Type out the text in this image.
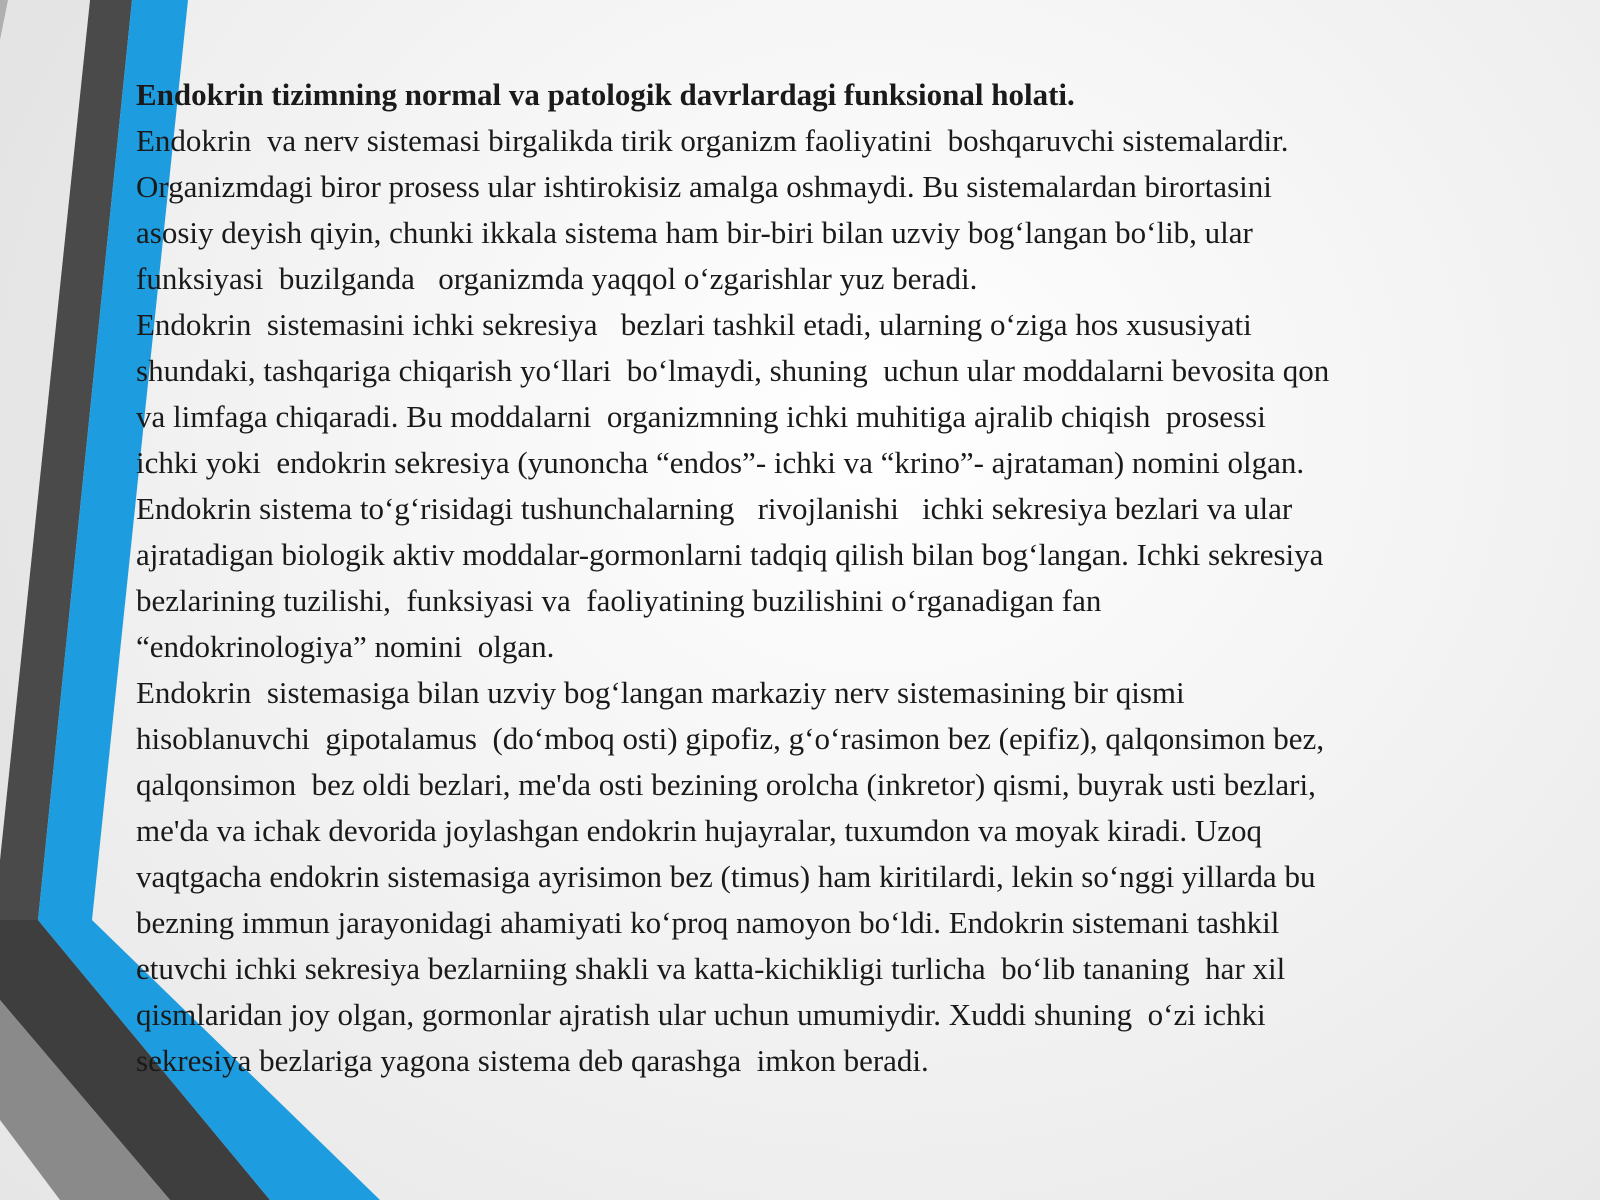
Endokrin tizimning normal va patologik davrlardagi funksional holati.

Endokrin  va nerv sistemasi birgalikda tirik organizm faoliyatini  boshqaruvchi sistemalardir.

Organizmdagi biror prosess ular ishtirokisiz amalga oshmaydi. Bu sistemalardan birortasini

asosiy deyish qiyin, chunki ikkala sistema ham bir-biri bilan uzviy bog‘langan bo‘lib, ular

funksiyasi  buzilganda   organizmda yaqqol o‘zgarishlar yuz beradi.

Endokrin  sistemasini ichki sekresiya   bezlari tashkil etadi, ularning o‘ziga hos xususiyati

shundaki, tashqariga chiqarish yo‘llari  bo‘lmaydi, shuning  uchun ular moddalarni bevosita qon

va limfaga chiqaradi. Bu moddalarni  organizmning ichki muhitiga ajralib chiqish  prosessi

ichki yoki  endokrin sekresiya (yunoncha “endos”- ichki va “krino”- ajrataman) nomini olgan.

Endokrin sistema to‘g‘risidagi tushunchalarning   rivojlanishi   ichki sekresiya bezlari va ular

ajratadigan biologik aktiv moddalar-gormonlarni tadqiq qilish bilan bog‘langan. Ichki sekresiya

bezlarining tuzilishi,  funksiyasi va  faoliyatining buzilishini o‘rganadigan fan

“endokrinologiya” nomini  olgan.

Endokrin  sistemasiga bilan uzviy bog‘langan markaziy nerv sistemasining bir qismi

hisoblanuvchi  gipotalamus  (do‘mboq osti) gipofiz, g‘o‘rasimon bez (epifiz), qalqonsimon bez,

qalqonsimon  bez oldi bezlari, me'da osti bezining orolcha (inkretor) qismi, buyrak usti bezlari,

me'da va ichak devorida joylashgan endokrin hujayralar, tuxumdon va moyak kiradi. Uzoq

vaqtgacha endokrin sistemasiga ayrisimon bez (timus) ham kiritilardi, lekin so‘nggi yillarda bu

bezning immun jarayonidagi ahamiyati ko‘proq namoyon bo‘ldi. Endokrin sistemani tashkil

etuvchi ichki sekresiya bezlarniing shakli va katta-kichikligi turlicha  bo‘lib tananing  har xil

qismlaridan joy olgan, gormonlar ajratish ular uchun umumiydir. Xuddi shuning  o‘zi ichki

sekresiya bezlariga yagona sistema deb qarashga  imkon beradi.
